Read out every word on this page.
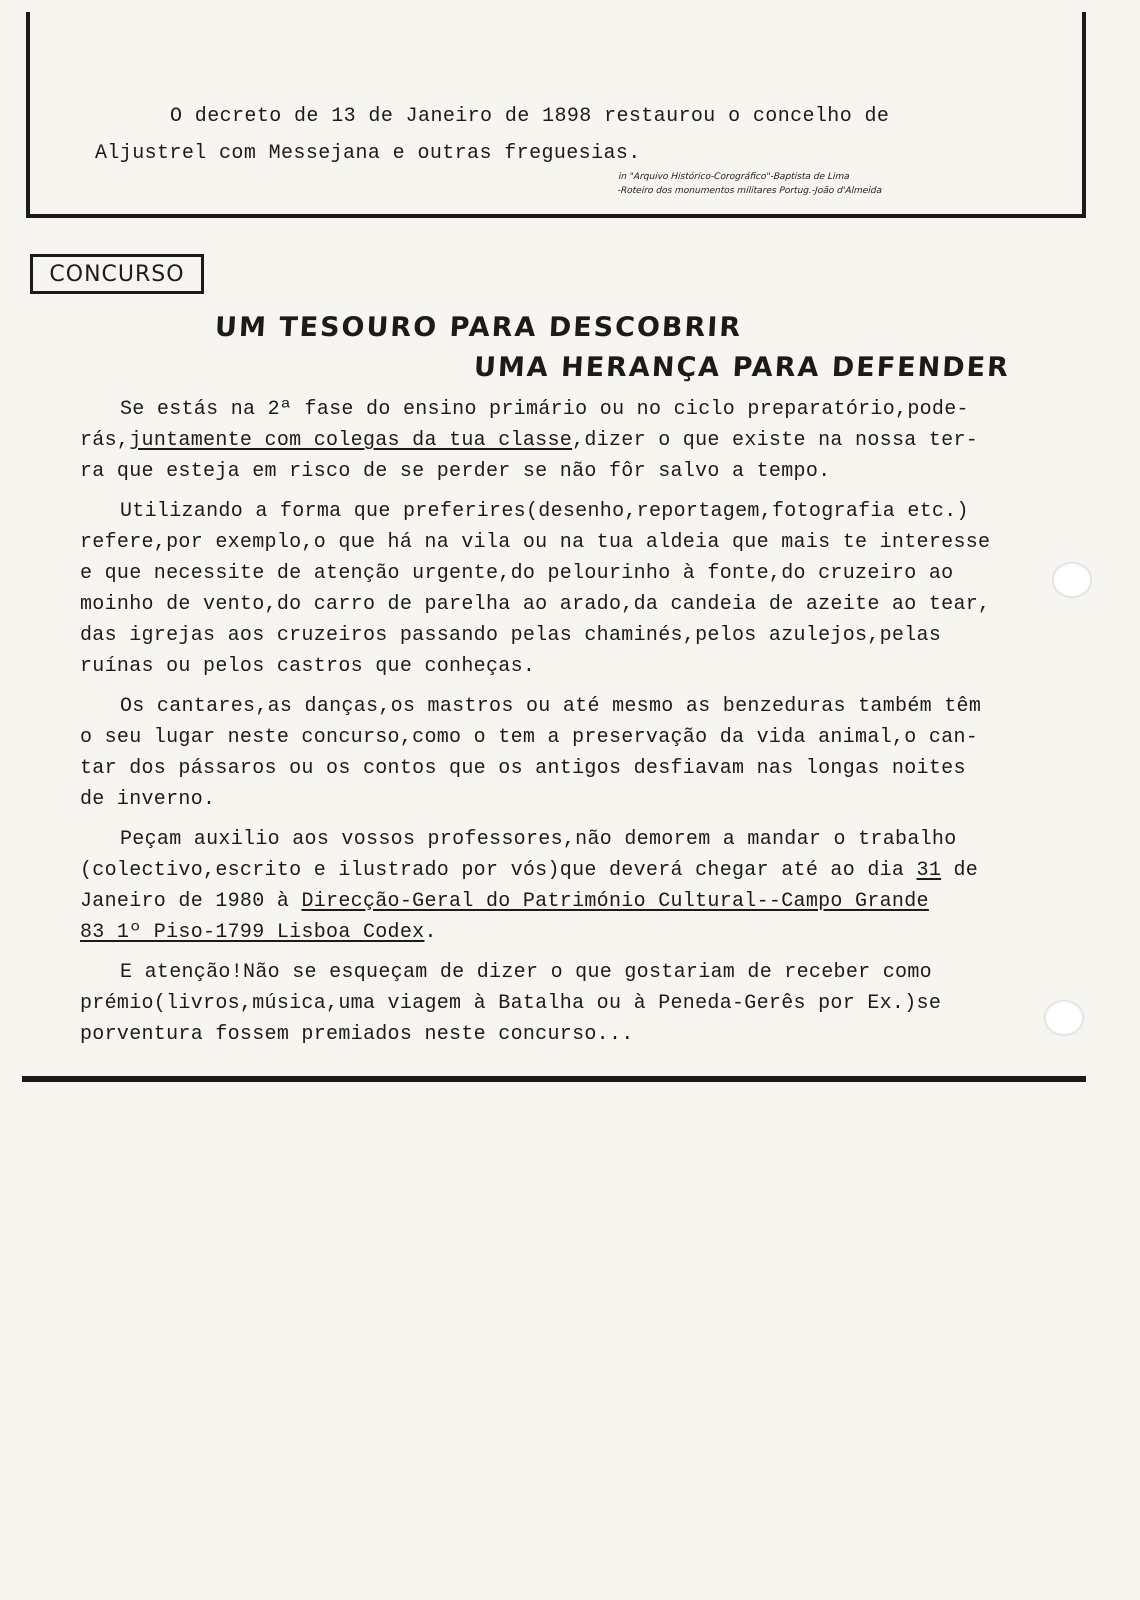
O decreto de 13 de Janeiro de 1898 restaurou o concelho de
Aljustrel com Messejana e outras freguesias.
in "Arquivo Histórico-Corográfico"-Baptista de Lima
-Roteiro dos monumentos militares Portug.-João d'Almeida
CONCURSO
UM TESOURO PARA DESCOBRIR
UMA HERANÇA PARA DEFENDER
Se estás na 2ª fase do ensino primário ou no ciclo preparatório,pode-
rás,juntamente com colegas da tua classe,dizer o que existe na nossa ter-
ra que esteja em risco de se perder se não fôr salvo a tempo.
Utilizando a forma que preferires(desenho,reportagem,fotografia etc.)
refere,por exemplo,o que há na vila ou na tua aldeia que mais te interesse
e que necessite de atenção urgente,do pelourinho à fonte,do cruzeiro ao
moinho de vento,do carro de parelha ao arado,da candeia de azeite ao tear,
das igrejas aos cruzeiros passando pelas chaminés,pelos azulejos,pelas
ruínas ou pelos castros que conheças.
Os cantares,as danças,os mastros ou até mesmo as benzeduras também têm
o seu lugar neste concurso,como o tem a preservação da vida animal,o can-
tar dos pássaros ou os contos que os antigos desfiavam nas longas noites
de inverno.
Peçam auxilio aos vossos professores,não demorem a mandar o trabalho
(colectivo,escrito e ilustrado por vós)que deverá chegar até ao dia 31 de
Janeiro de 1980 à Direcção-Geral do Património Cultural--Campo Grande
83 1º Piso-1799 Lisboa Codex.
E atenção!Não se esqueçam de dizer o que gostariam de receber como
prémio(livros,música,uma viagem à Batalha ou à Peneda-Gerês por Ex.)se
porventura fossem premiados neste concurso...
